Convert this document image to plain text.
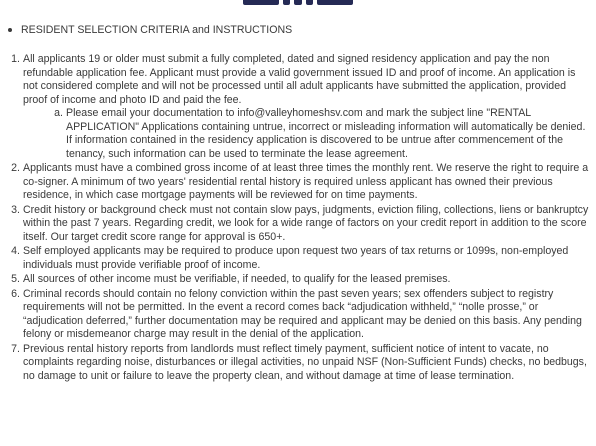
RESIDENT SELECTION CRITERIA and INSTRUCTIONS
1. All applicants 19 or older must submit a fully completed, dated and signed residency application and pay the non refundable application fee. Applicant must provide a valid government issued ID and proof of income. An application is not considered complete and will not be processed until all adult applicants have submitted the application, provided proof of income and photo ID and paid the fee.
a. Please email your documentation to info@valleyhomeshsv.com and mark the subject line "RENTAL APPLICATION" Applications containing untrue, incorrect or misleading information will automatically be denied. If information contained in the residency application is discovered to be untrue after commencement of the tenancy, such information can be used to terminate the lease agreement.
2. Applicants must have a combined gross income of at least three times the monthly rent. We reserve the right to require a co-signer. A minimum of two years' residential rental history is required unless applicant has owned their previous residence, in which case mortgage payments will be reviewed for on time payments.
3. Credit history or background check must not contain slow pays, judgments, eviction filing, collections, liens or bankruptcy within the past 7 years. Regarding credit, we look for a wide range of factors on your credit report in addition to the score itself. Our target credit score range for approval is 650+.
4. Self employed applicants may be required to produce upon request two years of tax returns or 1099s, non-employed individuals must provide verifiable proof of income.
5. All sources of other income must be verifiable, if needed, to qualify for the leased premises.
6. Criminal records should contain no felony conviction within the past seven years; sex offenders subject to registry requirements will not be permitted. In the event a record comes back “adjudication withheld,” “nolle prosse,” or “adjudication deferred,” further documentation may be required and applicant may be denied on this basis. Any pending felony or misdemeanor charge may result in the denial of the application.
7. Previous rental history reports from landlords must reflect timely payment, sufficient notice of intent to vacate, no complaints regarding noise, disturbances or illegal activities, no unpaid NSF (Non-Sufficient Funds) checks, no bedbugs, no damage to unit or failure to leave the property clean, and without damage at time of lease termination.
